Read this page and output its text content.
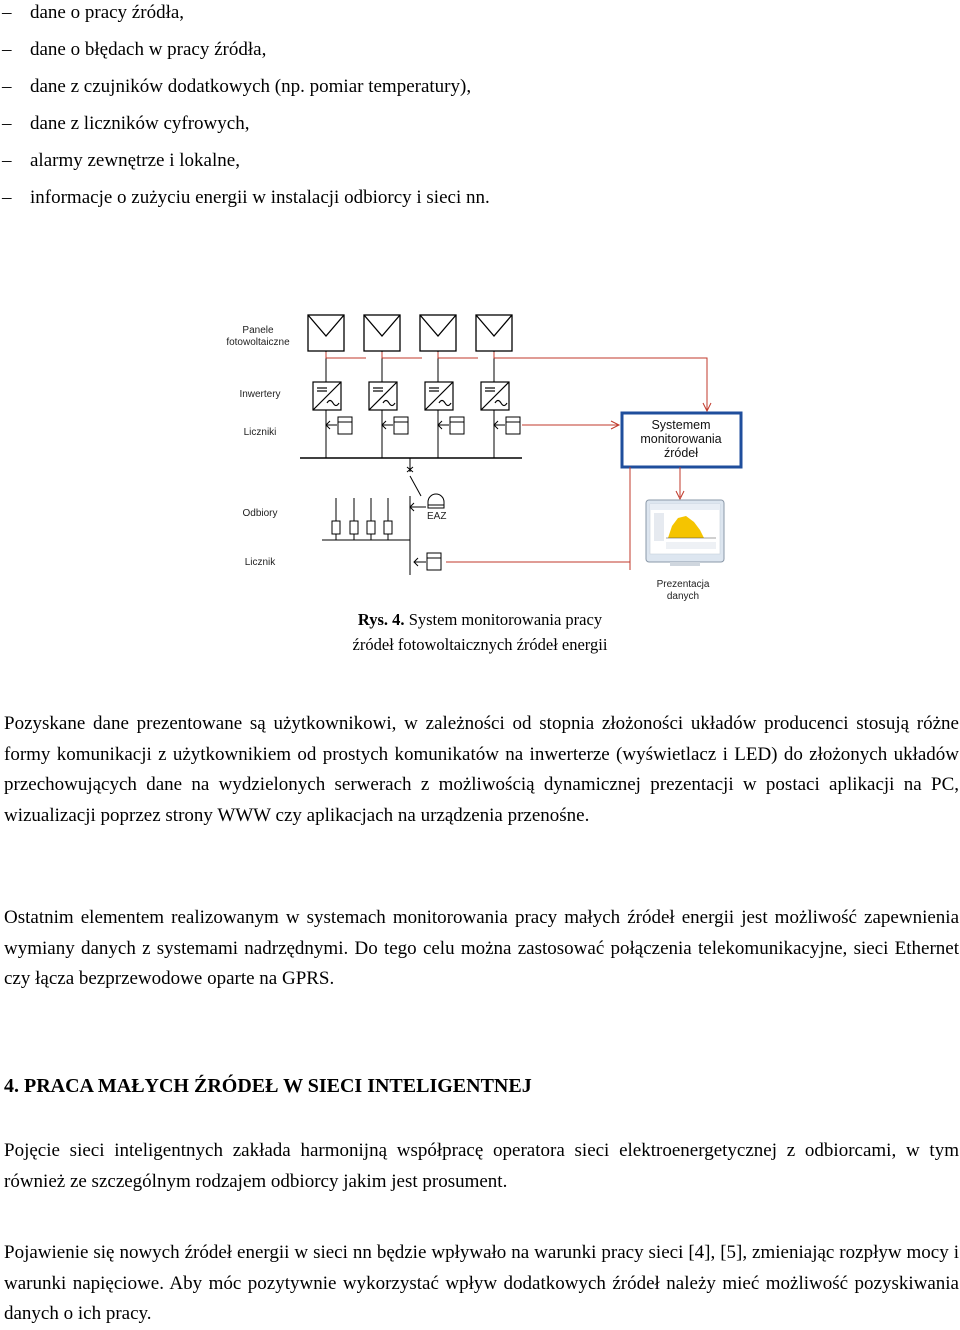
– dane o pracy źródła,
– dane o błędach w pracy źródła,
– dane z czujników dodatkowych (np. pomiar temperatury),
– dane z liczników cyfrowych,
– alarmy zewnętrze i lokalne,
– informacje o zużyciu energii w instalacji odbiorcy i sieci nn.
Panele
fotowoltaiczne
Inwertery
Liczniki
Odbiory
Licznik
EAZ
Systemem
monitorowania
źródeł
Prezentacja
danych
Rys. 4. System monitorowania pracy
źródeł fotowoltaicznych źródeł energii

Pozyskane dane prezentowane są użytkownikowi, w zależności od stopnia złożoności układów producenci stosują różne formy komunikacji z użytkownikiem od prostych komunikatów na inwerterze (wyświetlacz i LED) do złożonych układów przechowujących dane na wydzielonych serwerach z możliwością dynamicznej prezentacji w postaci aplikacji na PC, wizualizacji poprzez strony WWW czy aplikacjach na urządzenia przenośne.

Ostatnim elementem realizowanym w systemach monitorowania pracy małych źródeł energii jest możliwość zapewnienia wymiany danych z systemami nadrzędnymi. Do tego celu można zastosować połączenia telekomunikacyjne, sieci Ethernet czy łącza bezprzewodowe oparte na GPRS.

4. PRACA MAŁYCH ŹRÓDEŁ W SIECI INTELIGENTNEJ

Pojęcie sieci inteligentnych zakłada harmonijną współpracę operatora sieci elektroenergetycznej z odbiorcami, w tym również ze szczególnym rodzajem odbiorcy jakim jest prosument.

Pojawienie się nowych źródeł energii w sieci nn będzie wpływało na warunki pracy sieci [4], [5], zmieniając rozpływ mocy i warunki napięciowe. Aby móc pozytywnie wykorzystać wpływ dodatkowych źródeł należy mieć możliwość pozyskiwania danych o ich pracy.
